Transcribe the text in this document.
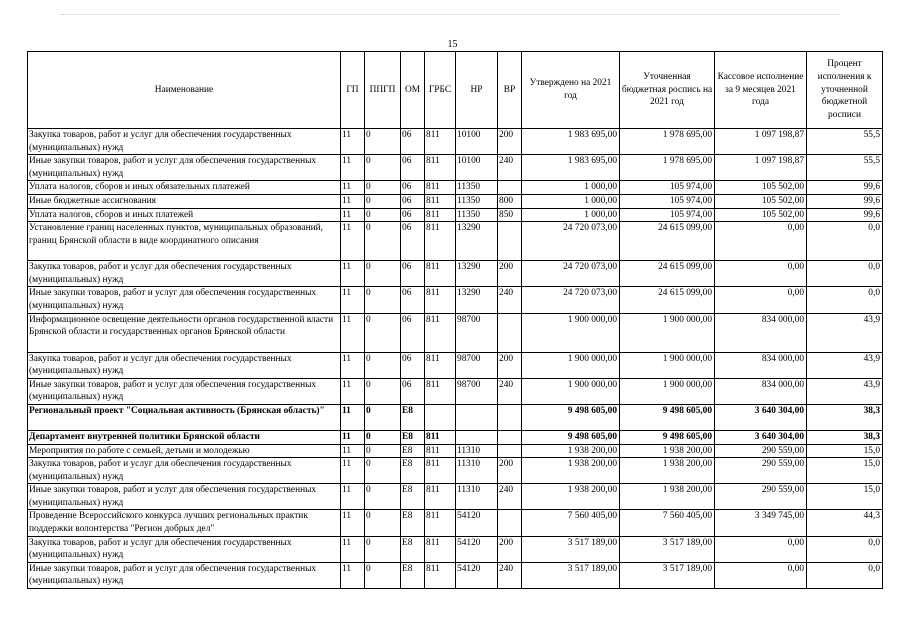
15
Наименование	ГП	ППГП	ОМ	ГРБС	НР	ВР	Утверждено на 2021 год	Уточненная бюджетная роспись на 2021 год	Кассовое исполнение за 9 месяцев 2021 года	Процент исполнения к уточненной бюджетной росписи
Закупка товаров, работ и услуг для обеспечения государственных (муниципальных) нужд	11	0	06	811	10100	200	1 983 695,00	1 978 695,00	1 097 198,87	55,5
Иные закупки товаров, работ и услуг для обеспечения государственных (муниципальных) нужд	11	0	06	811	10100	240	1 983 695,00	1 978 695,00	1 097 198,87	55,5
Уплата налогов, сборов и иных обязательных платежей	11	0	06	811	11350		1 000,00	105 974,00	105 502,00	99,6
Иные бюджетные ассигнования	11	0	06	811	11350	800	1 000,00	105 974,00	105 502,00	99,6
Уплата налогов, сборов и иных платежей	11	0	06	811	11350	850	1 000,00	105 974,00	105 502,00	99,6
Установление границ населенных пунктов, муниципальных образований, границ Брянской области в виде координатного описания	11	0	06	811	13290		24 720 073,00	24 615 099,00	0,00	0,0
Закупка товаров, работ и услуг для обеспечения государственных (муниципальных) нужд	11	0	06	811	13290	200	24 720 073,00	24 615 099,00	0,00	0,0
Иные закупки товаров, работ и услуг для обеспечения государственных (муниципальных) нужд	11	0	06	811	13290	240	24 720 073,00	24 615 099,00	0,00	0,0
Информационное освещение деятельности органов государственной власти Брянской области и государственных органов Брянской области	11	0	06	811	98700		1 900 000,00	1 900 000,00	834 000,00	43,9
Закупка товаров, работ и услуг для обеспечения государственных (муниципальных) нужд	11	0	06	811	98700	200	1 900 000,00	1 900 000,00	834 000,00	43,9
Иные закупки товаров, работ и услуг для обеспечения государственных (муниципальных) нужд	11	0	06	811	98700	240	1 900 000,00	1 900 000,00	834 000,00	43,9
Региональный проект "Социальная активность (Брянская область)"	11	0	E8				9 498 605,00	9 498 605,00	3 640 304,00	38,3
Департамент внутренней политики Брянской области	11	0	E8	811			9 498 605,00	9 498 605,00	3 640 304,00	38,3
Мероприятия по работе с семьей, детьми и молодежью	11	0	E8	811	11310		1 938 200,00	1 938 200,00	290 559,00	15,0
Закупка товаров, работ и услуг для обеспечения государственных (муниципальных) нужд	11	0	E8	811	11310	200	1 938 200,00	1 938 200,00	290 559,00	15,0
Иные закупки товаров, работ и услуг для обеспечения государственных (муниципальных) нужд	11	0	E8	811	11310	240	1 938 200,00	1 938 200,00	290 559,00	15,0
Проведение Всероссийского конкурса лучших региональных практик поддержки волонтерства "Регион добрых дел"	11	0	E8	811	54120		7 560 405,00	7 560 405,00	3 349 745,00	44,3
Закупка товаров, работ и услуг для обеспечения государственных (муниципальных) нужд	11	0	E8	811	54120	200	3 517 189,00	3 517 189,00	0,00	0,0
Иные закупки товаров, работ и услуг для обеспечения государственных (муниципальных) нужд	11	0	E8	811	54120	240	3 517 189,00	3 517 189,00	0,00	0,0
